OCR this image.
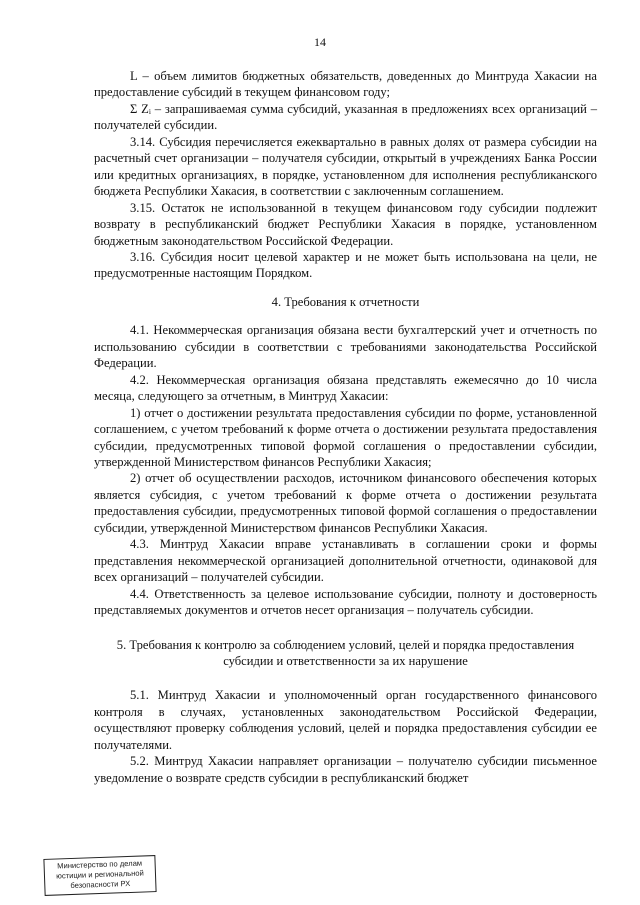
14

L – объем лимитов бюджетных обязательств, доведенных до Минтруда Хакасии на предоставление субсидий в текущем финансовом году;

Σ Zᵢ – запрашиваемая сумма субсидий, указанная в предложениях всех организаций – получателей субсидии.

3.14. Субсидия перечисляется ежеквартально в равных долях от размера субсидии на расчетный счет организации – получателя субсидии, открытый в учреждениях Банка России или кредитных организациях, в порядке, установленном для исполнения республиканского бюджета Республики Хакасия, в соответствии с заключенным соглашением.

3.15. Остаток не использованной в текущем финансовом году субсидии подлежит возврату в республиканский бюджет Республики Хакасия в порядке, установленном бюджетным законодательством Российской Федерации.

3.16. Субсидия носит целевой характер и не может быть использована на цели, не предусмотренные настоящим Порядком.

4. Требования к отчетности

4.1. Некоммерческая организация обязана вести бухгалтерский учет и отчетность по использованию субсидии в соответствии с требованиями законодательства Российской Федерации.

4.2. Некоммерческая организация обязана представлять ежемесячно до 10 числа месяца, следующего за отчетным, в Минтруд Хакасии:

1) отчет о достижении результата предоставления субсидии по форме, установленной соглашением, с учетом требований к форме отчета о достижении результата предоставления субсидии, предусмотренных типовой формой соглашения о предоставлении субсидии, утвержденной Министерством финансов Республики Хакасия;

2) отчет об осуществлении расходов, источником финансового обеспечения которых является субсидия, с учетом требований к форме отчета о достижении результата предоставления субсидии, предусмотренных типовой формой соглашения о предоставлении субсидии, утвержденной Министерством финансов Республики Хакасия.

4.3. Минтруд Хакасии вправе устанавливать в соглашении сроки и формы представления некоммерческой организацией дополнительной отчетности, одинаковой для всех организаций – получателей субсидии.

4.4. Ответственность за целевое использование субсидии, полноту и достоверность представляемых документов и отчетов несет организация – получатель субсидии.

5. Требования к контролю за соблюдением условий, целей и порядка предоставления субсидии и ответственности за их нарушение

5.1. Минтруд Хакасии и уполномоченный орган государственного финансового контроля в случаях, установленных законодательством Российской Федерации, осуществляют проверку соблюдения условий, целей и порядка предоставления субсидии ее получателями.

5.2. Минтруд Хакасии направляет организации – получателю субсидии письменное уведомление о возврате средств субсидии в республиканский бюджет

Министерство по делам
юстиции и региональной
безопасности РХ
